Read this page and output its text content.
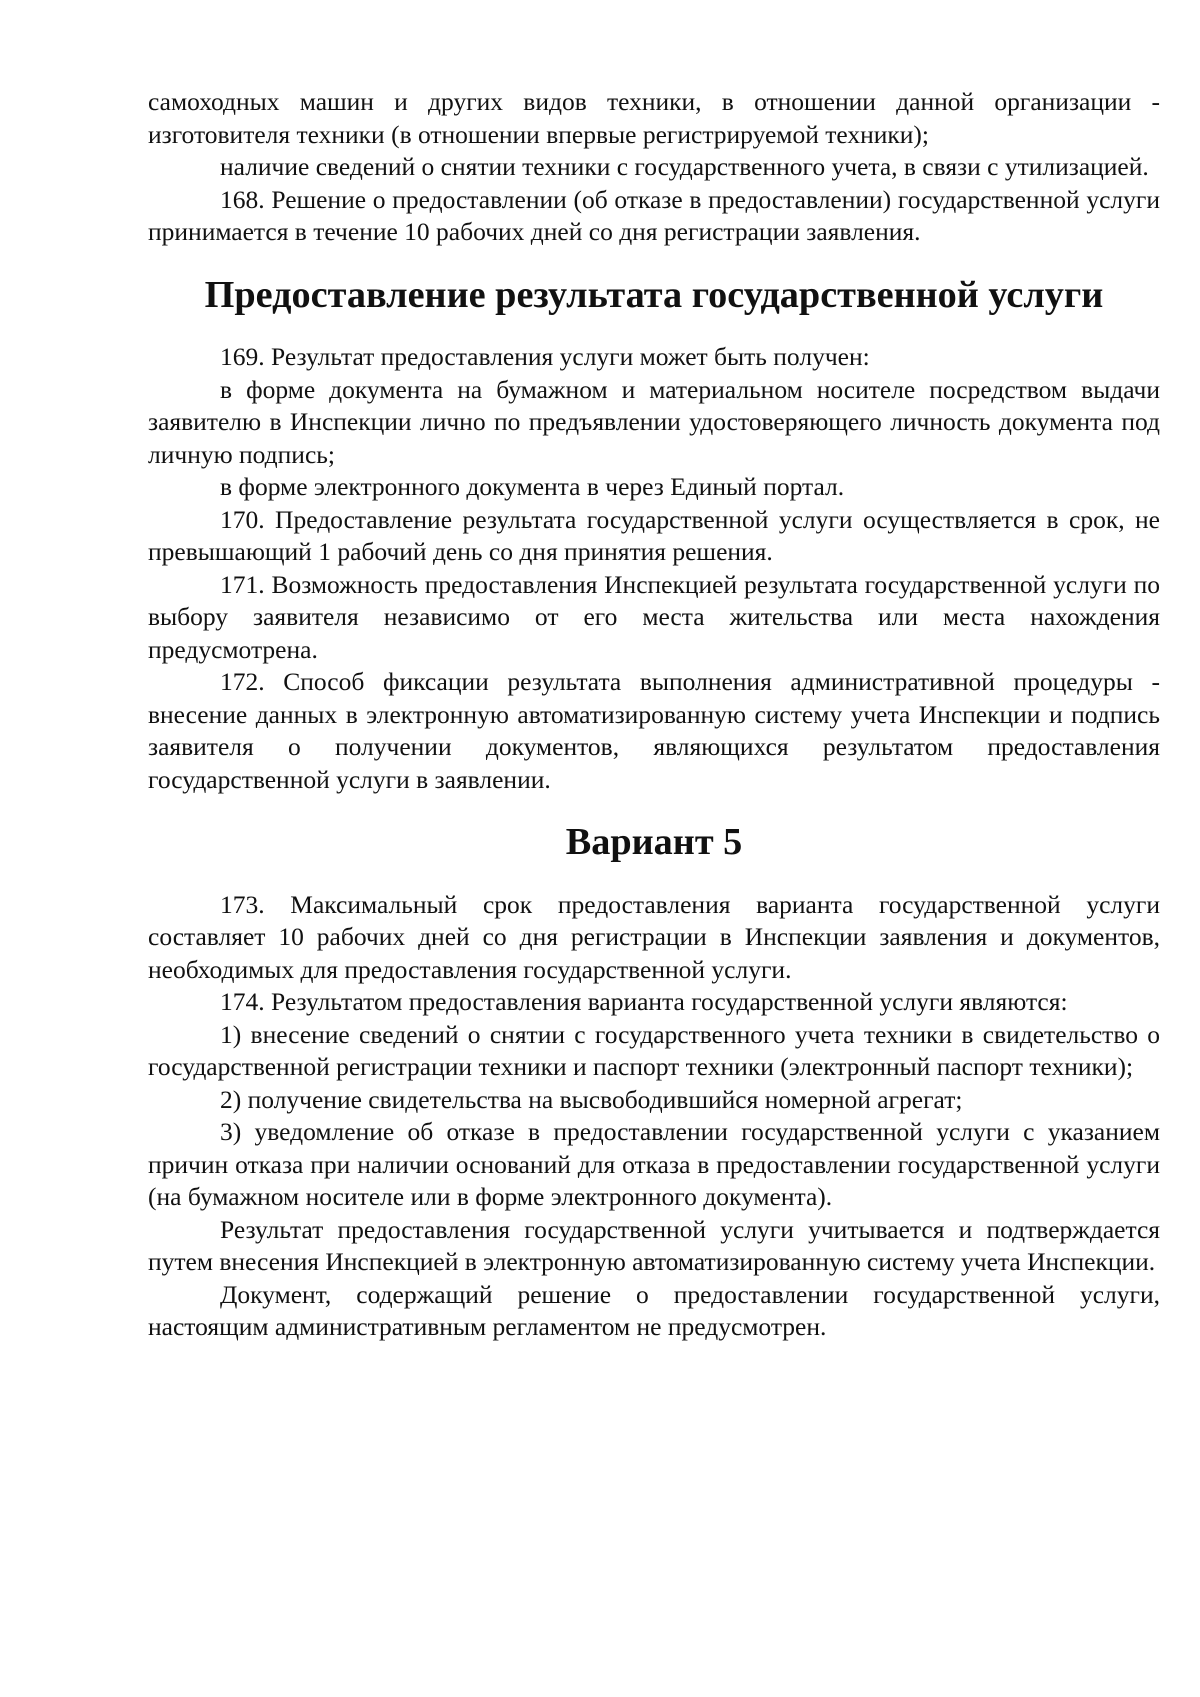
самоходных машин и других видов техники, в отношении данной организации - изготовителя техники (в отношении впервые регистрируемой техники);

наличие сведений о снятии техники с государственного учета, в связи с утилизацией.

168. Решение о предоставлении (об отказе в предоставлении) государственной услуги принимается в течение 10 рабочих дней со дня регистрации заявления.

Предоставление результата государственной услуги

169. Результат предоставления услуги может быть получен:

в форме документа на бумажном и материальном носителе посредством выдачи заявителю в Инспекции лично по предъявлении удостоверяющего личность документа под личную подпись;

в форме электронного документа в через Единый портал.

170. Предоставление результата государственной услуги осуществляется в срок, не превышающий 1 рабочий день со дня принятия решения.

171. Возможность предоставления Инспекцией результата государственной услуги по выбору заявителя независимо от его места жительства или места нахождения предусмотрена.

172. Способ фиксации результата выполнения административной процедуры - внесение данных в электронную автоматизированную систему учета Инспекции и подпись заявителя о получении документов, являющихся результатом предоставления государственной услуги в заявлении.

Вариант 5

173. Максимальный срок предоставления варианта государственной услуги составляет 10 рабочих дней со дня регистрации в Инспекции заявления и документов, необходимых для предоставления государственной услуги.

174. Результатом предоставления варианта государственной услуги являются:

1) внесение сведений о снятии с государственного учета техники в свидетельство о государственной регистрации техники и паспорт техники (электронный паспорт техники);

2) получение свидетельства на высвободившийся номерной агрегат;

3) уведомление об отказе в предоставлении государственной услуги с указанием причин отказа при наличии оснований для отказа в предоставлении государственной услуги (на бумажном носителе или в форме электронного документа).

Результат предоставления государственной услуги учитывается и подтверждается путем внесения Инспекцией в электронную автоматизированную систему учета Инспекции.

Документ, содержащий решение о предоставлении государственной услуги, настоящим административным регламентом не предусмотрен.
